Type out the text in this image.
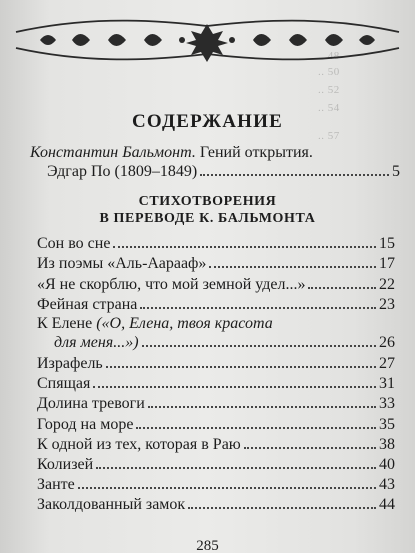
.. 48
.. 50
.. 52
.. 54
.. 57
СОДЕРЖАНИЕ
Константин Бальмонт. Гений открытия.
Эдгар По (1809–1849)	5
СТИХОТВОРЕНИЯ
В ПЕРЕВОДЕ К. БАЛЬМОНТА
Сон во сне	15
Из поэмы «Аль-Аарааф»	17
«Я не скорблю, что мой земной удел...»	22
Фейная страна	23
К Елене («О, Елена, твоя красота
для меня...»)	26
Израфель	27
Спящая	31
Долина тревоги	33
Город на море	35
К одной из тех, которая в Раю	38
Колизей	40
Занте	43
Заколдованный замок	44
285
